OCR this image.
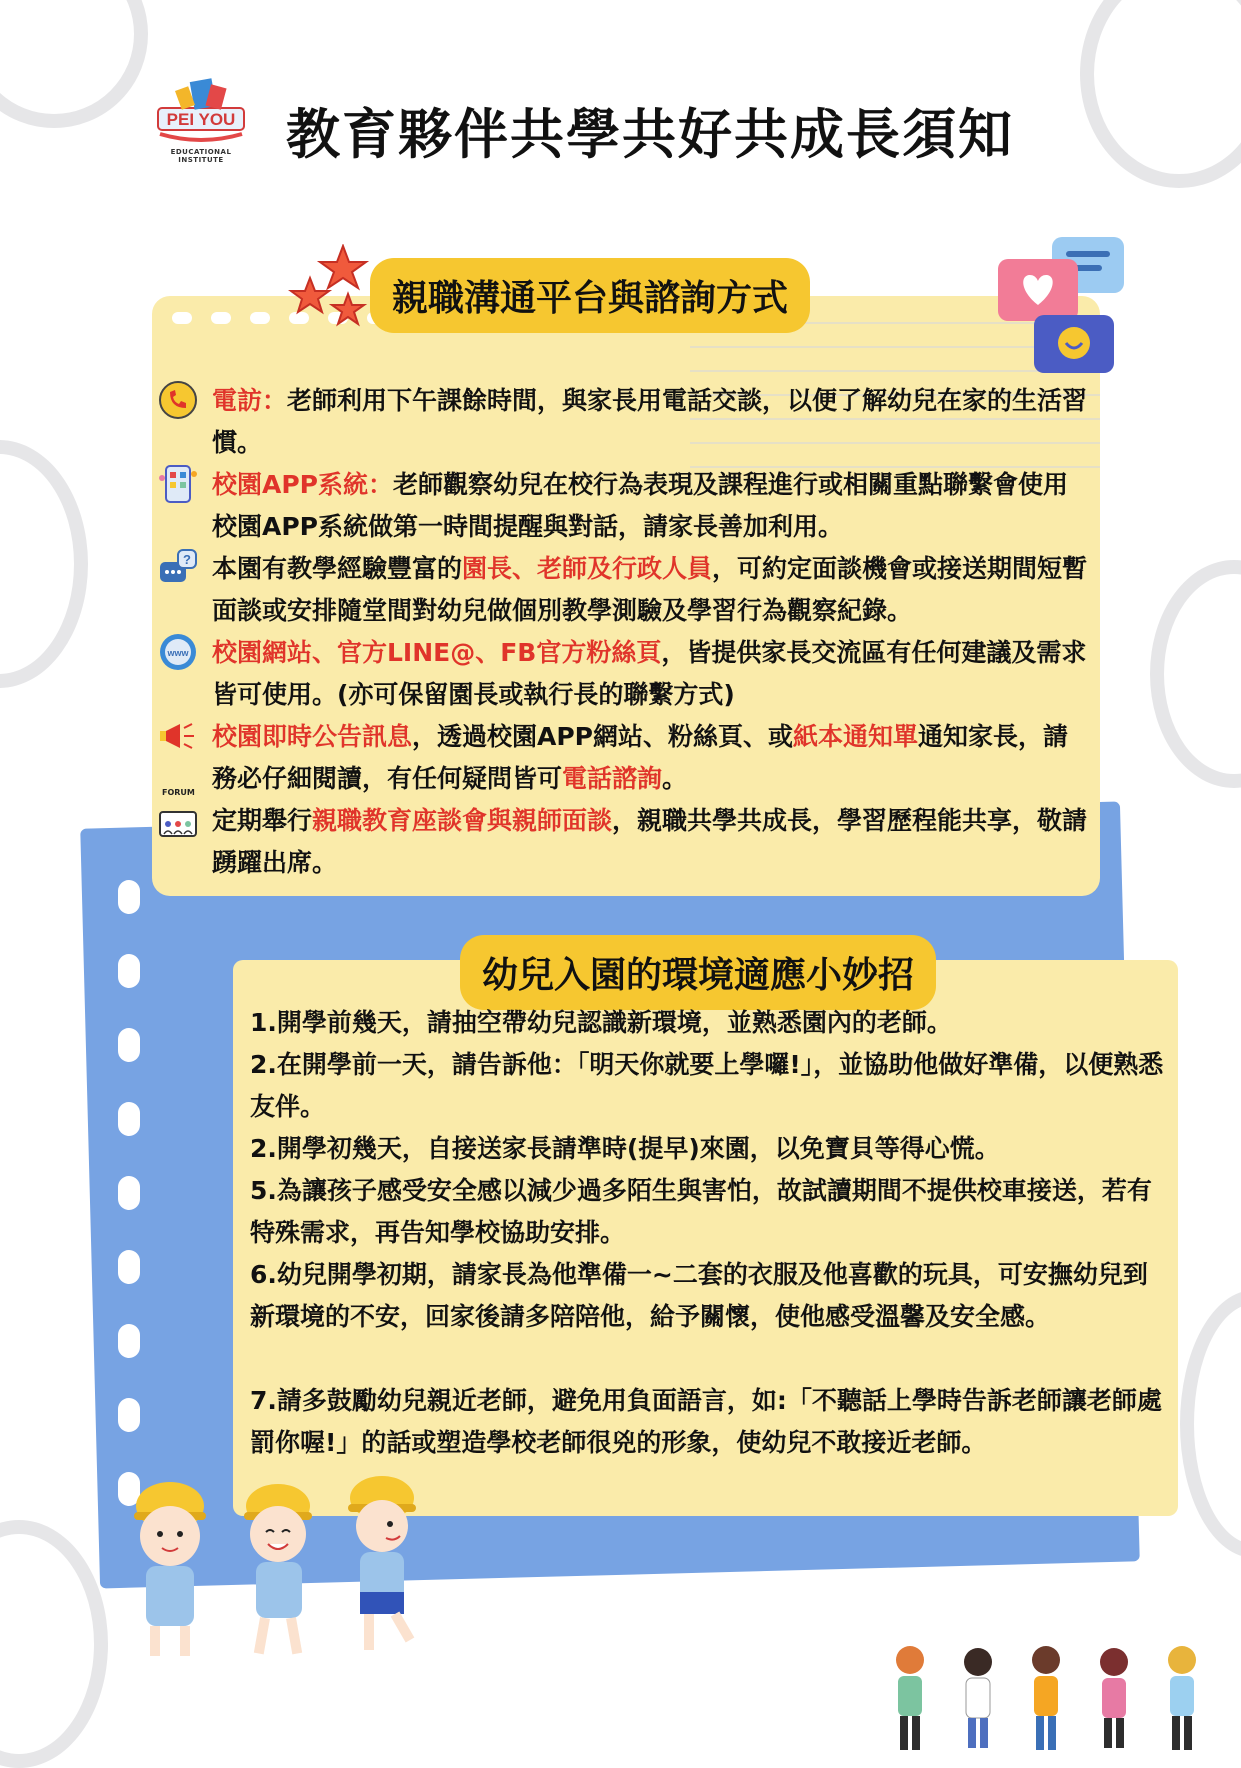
PEI YOU
EDUCATIONAL INSTITUTE	教育夥伴共學共好共成長須知
親職溝通平台與諮詢方式
電訪：老師利用下午課餘時間，與家長用電話交談，以便了解幼兒在家的生活習慣。
校園APP系統：老師觀察幼兒在校行為表現及課程進行或相關重點聯繫會使用校園APP系統做第一時間提醒與對話，請家長善加利用。
? 本園有教學經驗豐富的園長、老師及行政人員，可約定面談機會或接送期間短暫面談或安排隨堂間對幼兒做個別教學測驗及學習行為觀察紀錄。
www 校園網站、官方LINE@、FB官方粉絲頁，皆提供家長交流區有任何建議及需求皆可使用。(亦可保留園長或執行長的聯繫方式)
校園即時公告訊息，透過校園APP網站、粉絲頁、或紙本通知單通知家長，請務必仔細閱讀，有任何疑問皆可電話諮詢。
FORUM
定期舉行親職教育座談會與親師面談，親職共學共成長，學習歷程能共享，敬請踴躍出席。
幼兒入園的環境適應小妙招
1.開學前幾天，請抽空帶幼兒認識新環境，並熟悉園內的老師。
2.在開學前一天，請告訴他：「明天你就要上學囉!」，並協助他做好準備，以便熟悉友伴。
2.開學初幾天，自接送家長請準時(提早)來園，以免寶貝等得心慌。
5.為讓孩子感受安全感以減少過多陌生與害怕，故試讀期間不提供校車接送，若有特殊需求，再告知學校協助安排。
6.幼兒開學初期，請家長為他準備一~二套的衣服及他喜歡的玩具，可安撫幼兒到新環境的不安，回家後請多陪陪他，給予關懷，使他感受溫馨及安全感。
7.請多鼓勵幼兒親近老師，避免用負面語言，如:「不聽話上學時告訴老師讓老師處罰你喔!」的話或塑造學校老師很兇的形象，使幼兒不敢接近老師。
